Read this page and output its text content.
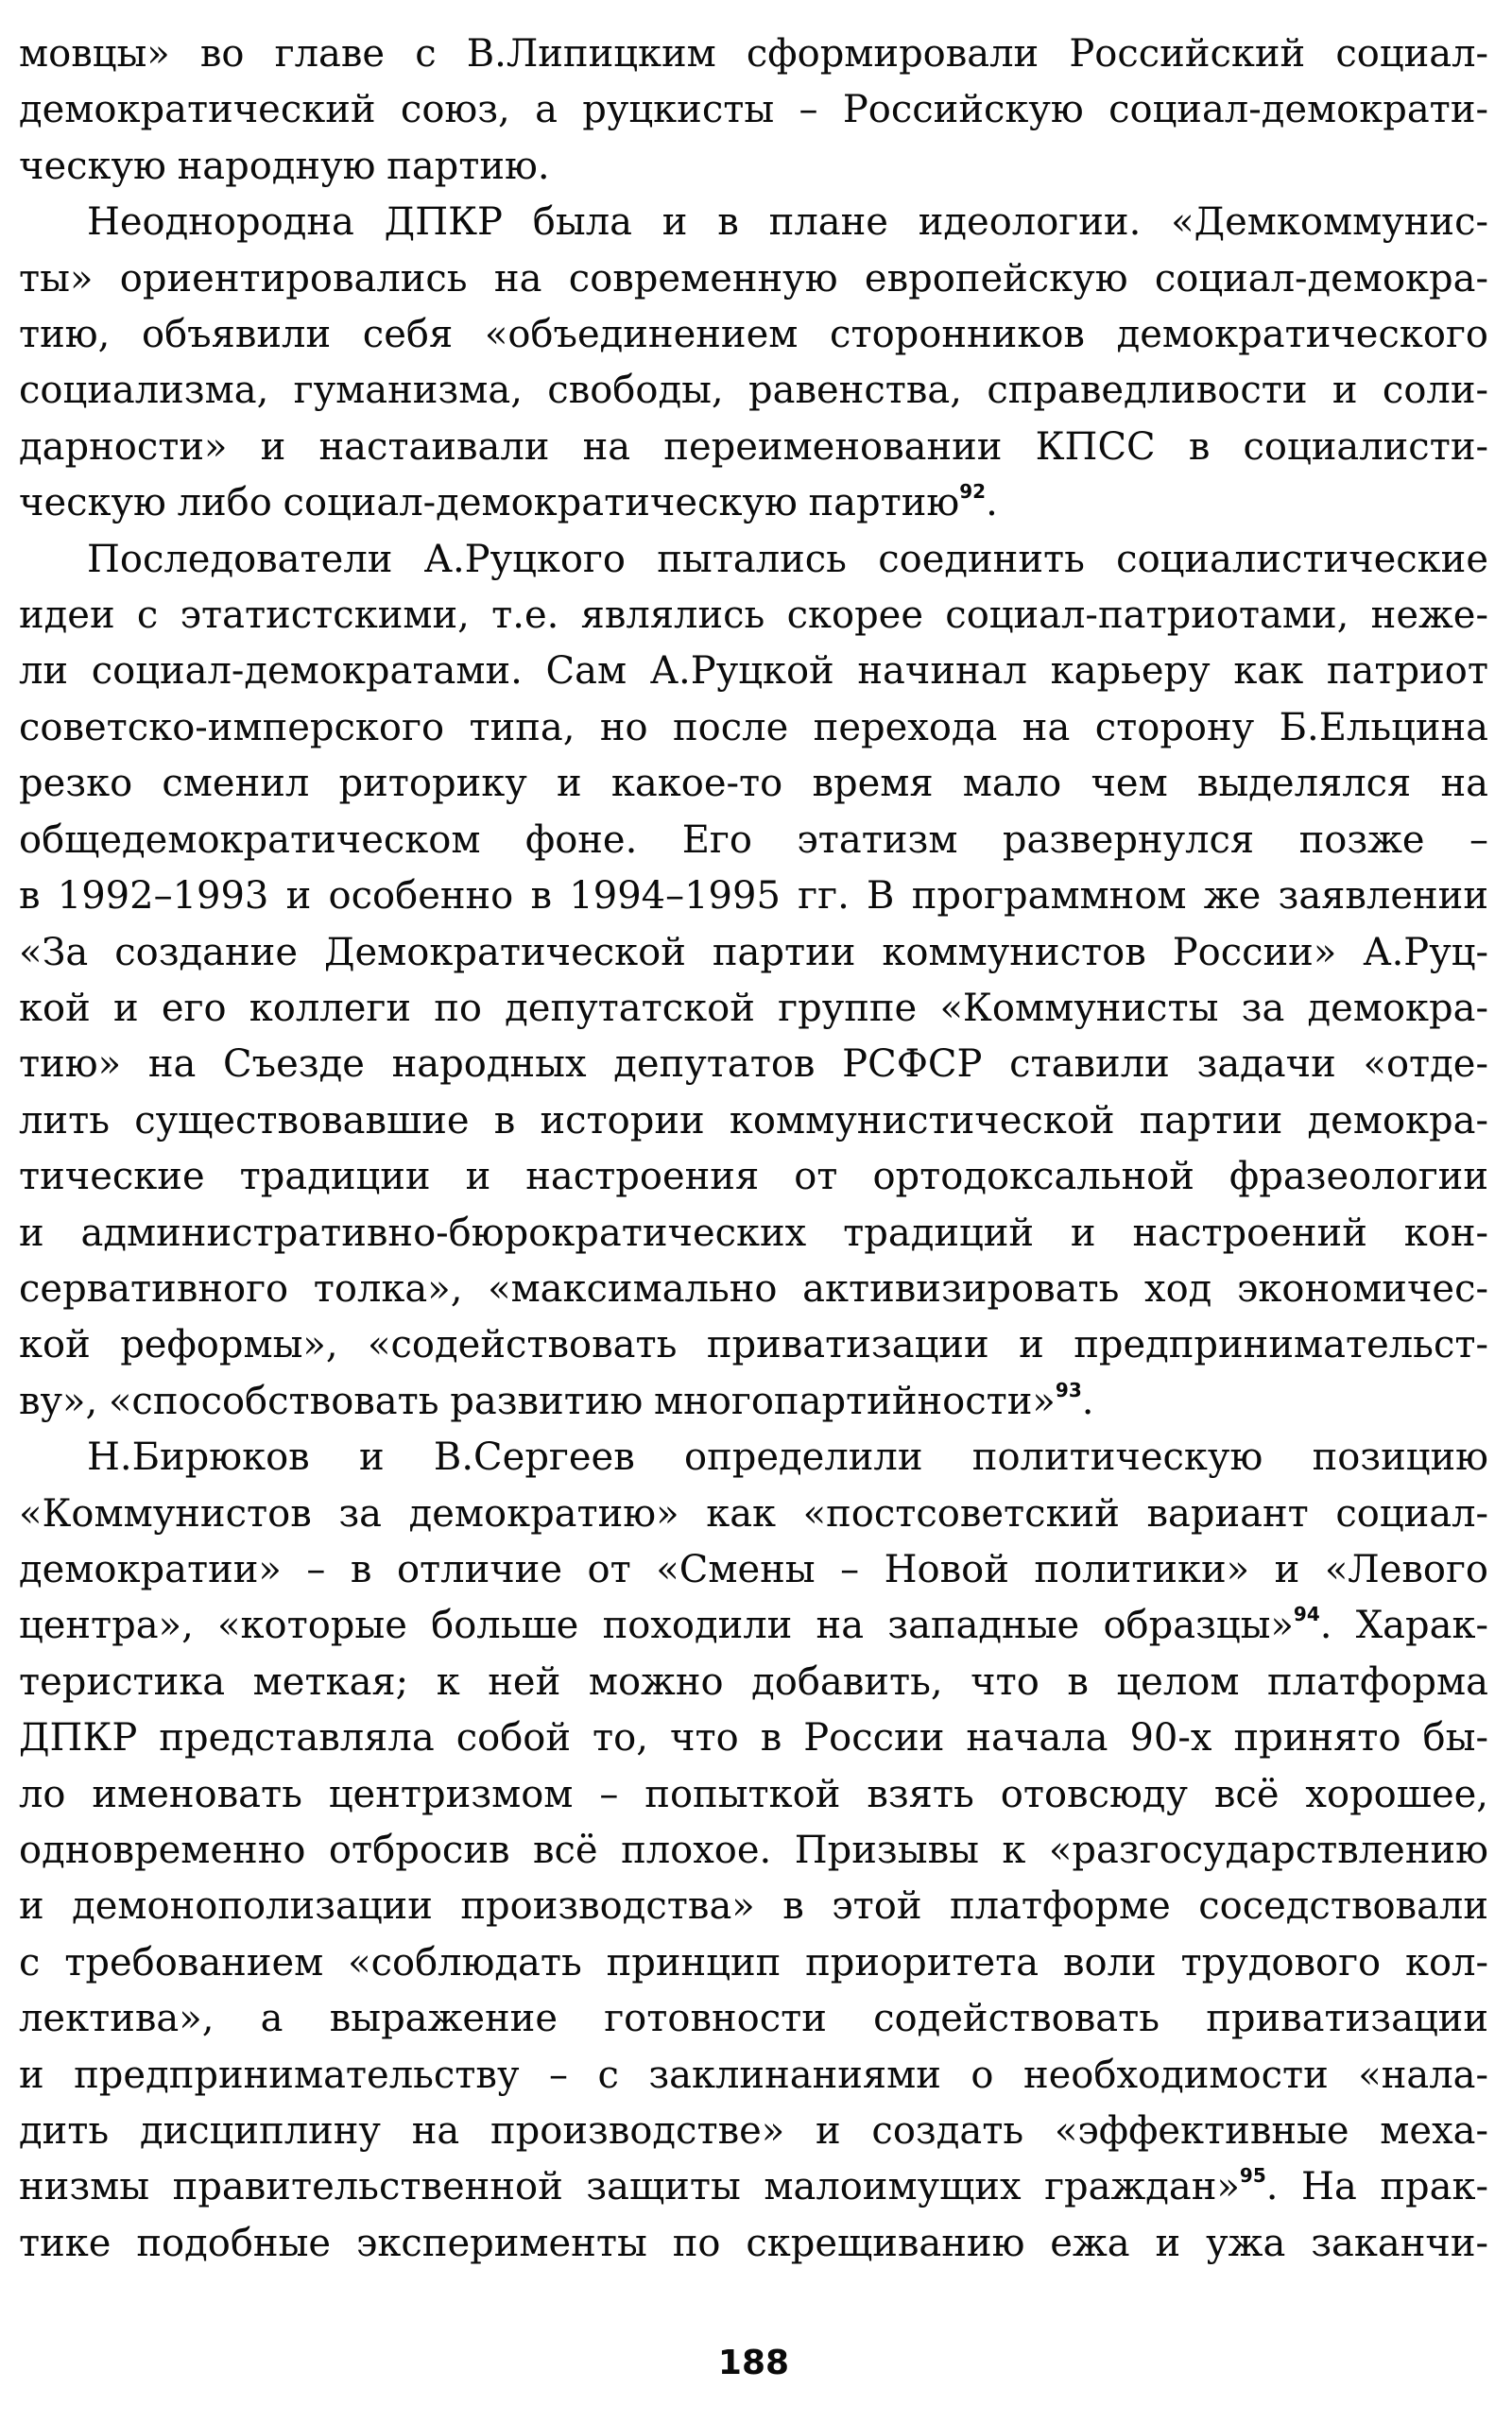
мовцы» во главе с В.Липицким сформировали Российский социал-
демократический союз, а руцкисты – Российскую социал-демократи-
ческую народную партию.

Неоднородна ДПКР была и в плане идеологии. «Демкоммунис-
ты» ориентировались на современную европейскую социал-демокра-
тию, объявили себя «объединением сторонников демократического
социализма, гуманизма, свободы, равенства, справедливости и соли-
дарности» и настаивали на переименовании КПСС в социалисти-
ческую либо социал-демократическую партию$^{92}$.

Последователи А.Руцкого пытались соединить социалистические
идеи с этатистскими, т.е. являлись скорее социал-патриотами, неже-
ли социал-демократами. Сам А.Руцкой начинал карьеру как патриот
советско-имперского типа, но после перехода на сторону Б.Ельцина
резко сменил риторику и какое-то время мало чем выделялся на
общедемократическом фоне. Его этатизм развернулся позже –
в 1992–1993 и особенно в 1994–1995 гг. В программном же заявлении
«За создание Демократической партии коммунистов России» А.Руц-
кой и его коллеги по депутатской группе «Коммунисты за демокра-
тию» на Съезде народных депутатов РСФСР ставили задачи «отде-
лить существовавшие в истории коммунистической партии демокра-
тические традиции и настроения от ортодоксальной фразеологии
и административно-бюрократических традиций и настроений кон-
сервативного толка», «максимально активизировать ход экономичес-
кой реформы», «содействовать приватизации и предпринимательст-
ву», «способствовать развитию многопартийности»$^{93}$.

Н.Бирюков и В.Сергеев определили политическую позицию
«Коммунистов за демократию» как «постсоветский вариант социал-
демократии» – в отличие от «Смены – Новой политики» и «Левого
центра», «которые больше походили на западные образцы»$^{94}$. Харак-
теристика меткая; к ней можно добавить, что в целом платформа
ДПКР представляла собой то, что в России начала 90-х принято бы-
ло именовать центризмом – попыткой взять отовсюду всё хорошее,
одновременно отбросив всё плохое. Призывы к «разгосударствлению
и демонополизации производства» в этой платформе соседствовали
с требованием «соблюдать принцип приоритета воли трудового кол-
лектива», а выражение готовности содействовать приватизации
и предпринимательству – с заклинаниями о необходимости «нала-
дить дисциплину на производстве» и создать «эффективные меха-
низмы правительственной защиты малоимущих граждан»$^{95}$. На прак-
тике подобные эксперименты по скрещиванию ежа и ужа заканчи-

188
